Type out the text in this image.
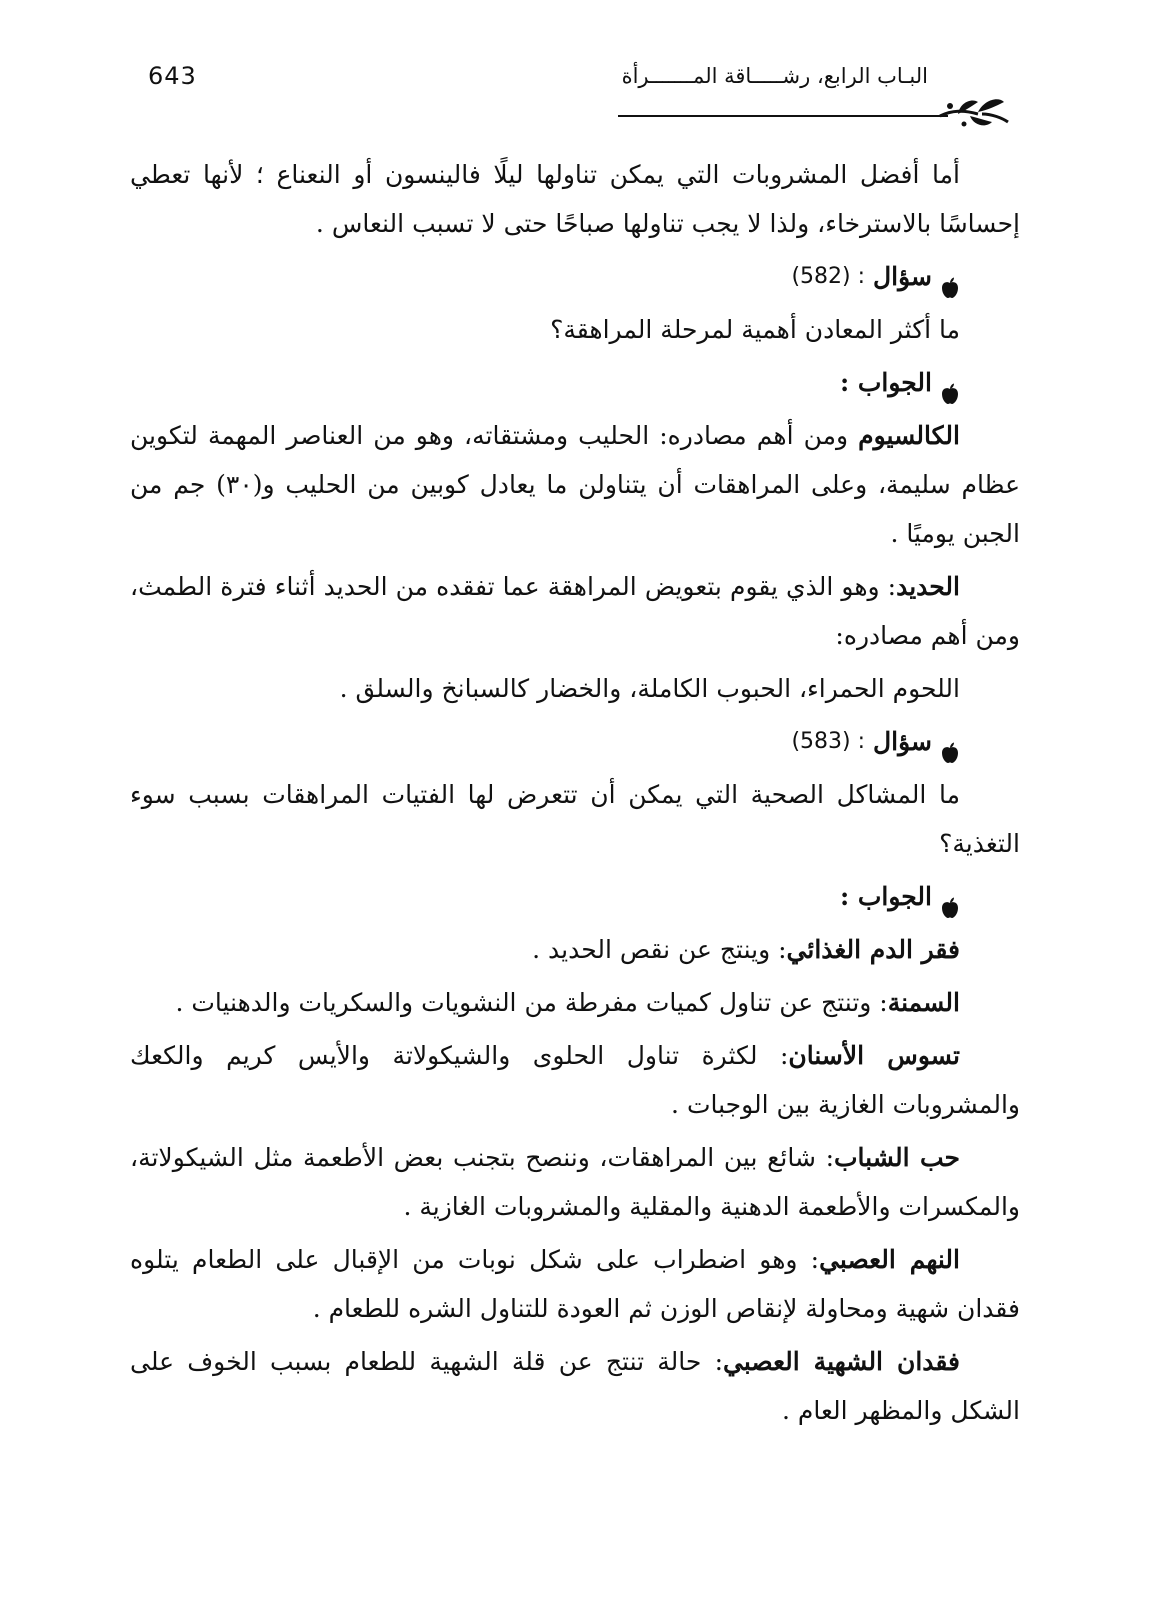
643	البـاب الرابع، رشـــــاقة المـــــــرأة

أما أفضل المشروبات التي يمكن تناولها ليلًا فالينسون أو النعناع ؛ لأنها تعطي إحساسًا بالاسترخاء، ولذا لا يجب تناولها صباحًا حتى لا تسبب النعاس .

سؤال
(582) :

ما أكثر المعادن أهمية لمرحلة المراهقة؟

الجواب :

الكالسيوم ومن أهم مصادره: الحليب ومشتقاته، وهو من العناصر المهمة لتكوين عظام سليمة، وعلى المراهقات أن يتناولن ما يعادل كوبين من الحليب و(٣٠) جم من الجبن يوميًا .

الحديد: وهو الذي يقوم بتعويض المراهقة عما تفقده من الحديد أثناء فترة الطمث، ومن أهم مصادره:

اللحوم الحمراء، الحبوب الكاملة، والخضار كالسبانخ والسلق .

سؤال
(583) :

ما المشاكل الصحية التي يمكن أن تتعرض لها الفتيات المراهقات بسبب سوء التغذية؟

الجواب :

فقر الدم الغذائي: وينتج عن نقص الحديد .

السمنة: وتنتج عن تناول كميات مفرطة من النشويات والسكريات والدهنيات .

تسوس الأسنان: لكثرة تناول الحلوى والشيكولاتة والأيس كريم والكعك والمشروبات الغازية بين الوجبات .

حب الشباب: شائع بين المراهقات، وننصح بتجنب بعض الأطعمة مثل الشيكولاتة، والمكسرات والأطعمة الدهنية والمقلية والمشروبات الغازية .

النهم العصبي: وهو اضطراب على شكل نوبات من الإقبال على الطعام يتلوه فقدان شهية ومحاولة لإنقاص الوزن ثم العودة للتناول الشره للطعام .

فقدان الشهية العصبي: حالة تنتج عن قلة الشهية للطعام بسبب الخوف على الشكل والمظهر العام .
